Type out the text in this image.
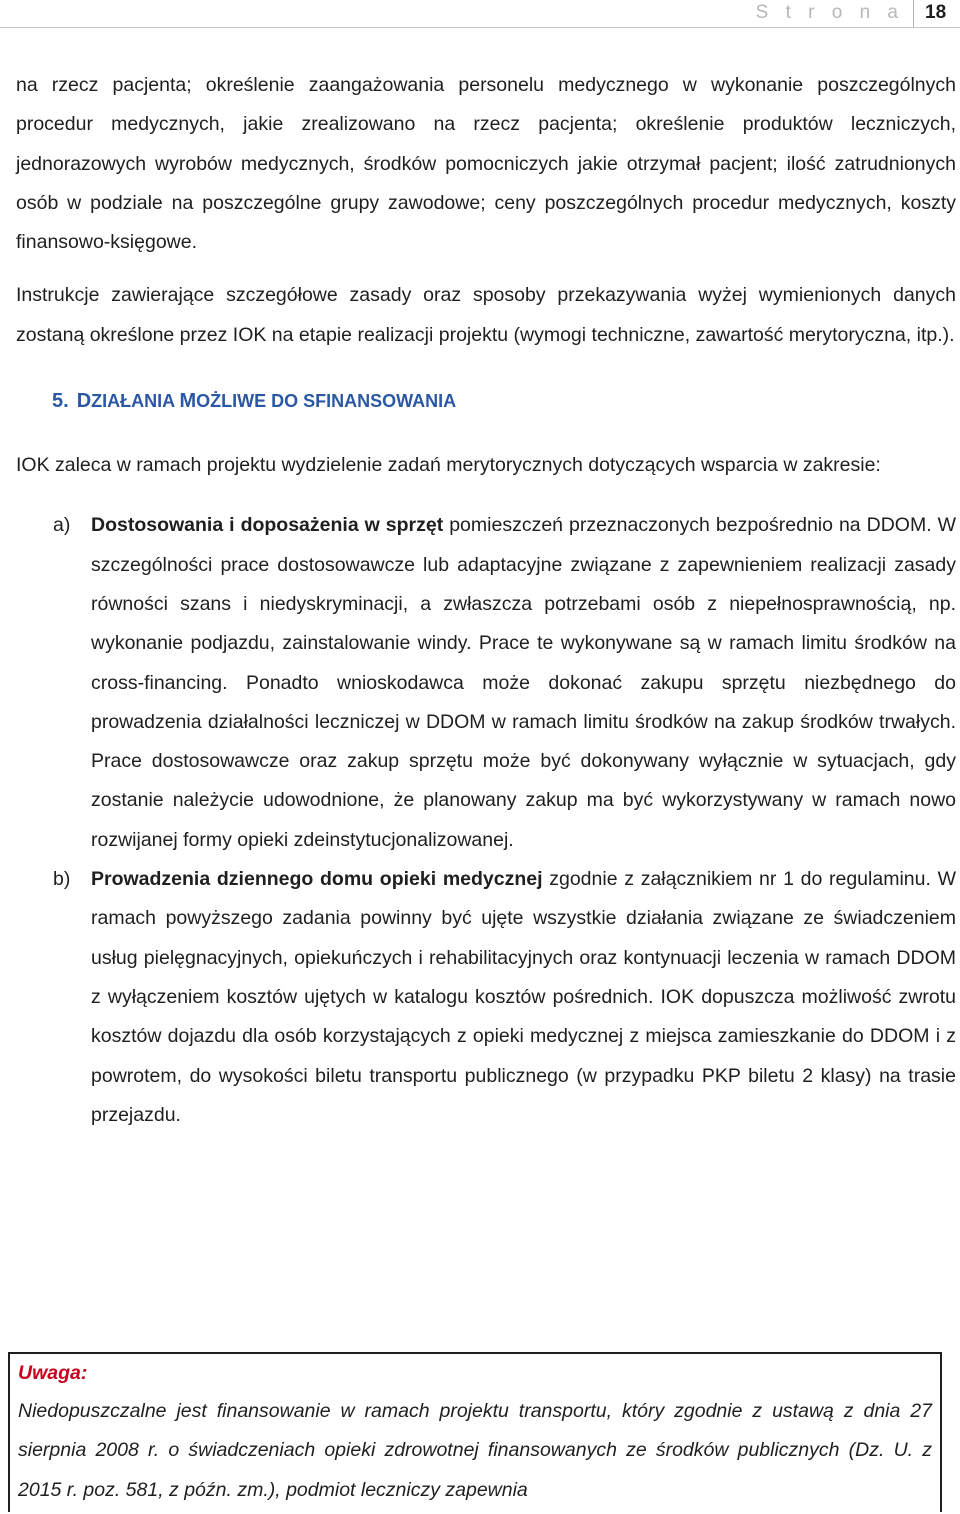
S t r o n a 18

na rzecz pacjenta; określenie zaangażowania personelu medycznego w wykonanie poszczególnych procedur medycznych, jakie zrealizowano na rzecz pacjenta; określenie produktów leczniczych, jednorazowych wyrobów medycznych, środków pomocniczych jakie otrzymał pacjent; ilość zatrudnionych osób w podziale na poszczególne grupy zawodowe; ceny poszczególnych procedur medycznych, koszty finansowo-księgowe.

Instrukcje zawierające szczegółowe zasady oraz sposoby przekazywania wyżej wymienionych danych zostaną określone przez IOK na etapie realizacji projektu (wymogi techniczne, zawartość merytoryczna, itp.).

5. DZIAŁANIA MOŻLIWE DO SFINANSOWANIA

IOK zaleca w ramach projektu wydzielenie zadań merytorycznych dotyczących wsparcia w zakresie:

a) Dostosowania i doposażenia w sprzęt pomieszczeń przeznaczonych bezpośrednio na DDOM. W szczególności prace dostosowawcze lub adaptacyjne związane z zapewnieniem realizacji zasady równości szans i niedyskryminacji, a zwłaszcza potrzebami osób z niepełnosprawnością, np. wykonanie podjazdu, zainstalowanie windy. Prace te wykonywane są w ramach limitu środków na cross-financing. Ponadto wnioskodawca może dokonać zakupu sprzętu niezbędnego do prowadzenia działalności leczniczej w DDOM w ramach limitu środków na zakup środków trwałych. Prace dostosowawcze oraz zakup sprzętu może być dokonywany wyłącznie w sytuacjach, gdy zostanie należycie udowodnione, że planowany zakup ma być wykorzystywany w ramach nowo rozwijanej formy opieki zdeinstytucjonalizowanej.
b) Prowadzenia dziennego domu opieki medycznej zgodnie z załącznikiem nr 1 do regulaminu. W ramach powyższego zadania powinny być ujęte wszystkie działania związane ze świadczeniem usług pielęgnacyjnych, opiekuńczych i rehabilitacyjnych oraz kontynuacji leczenia w ramach DDOM z wyłączeniem kosztów ujętych w katalogu kosztów pośrednich. IOK dopuszcza możliwość zwrotu kosztów dojazdu dla osób korzystających z opieki medycznej z miejsca zamieszkanie do DDOM i z powrotem, do wysokości biletu transportu publicznego (w przypadku PKP biletu 2 klasy) na trasie przejazdu.
Uwaga:

Niedopuszczalne jest finansowanie w ramach projektu transportu, który zgodnie z ustawą z dnia 27 sierpnia 2008 r. o świadczeniach opieki zdrowotnej finansowanych ze środków publicznych (Dz. U. z 2015 r. poz. 581, z późn. zm.), podmiot leczniczy zapewnia
